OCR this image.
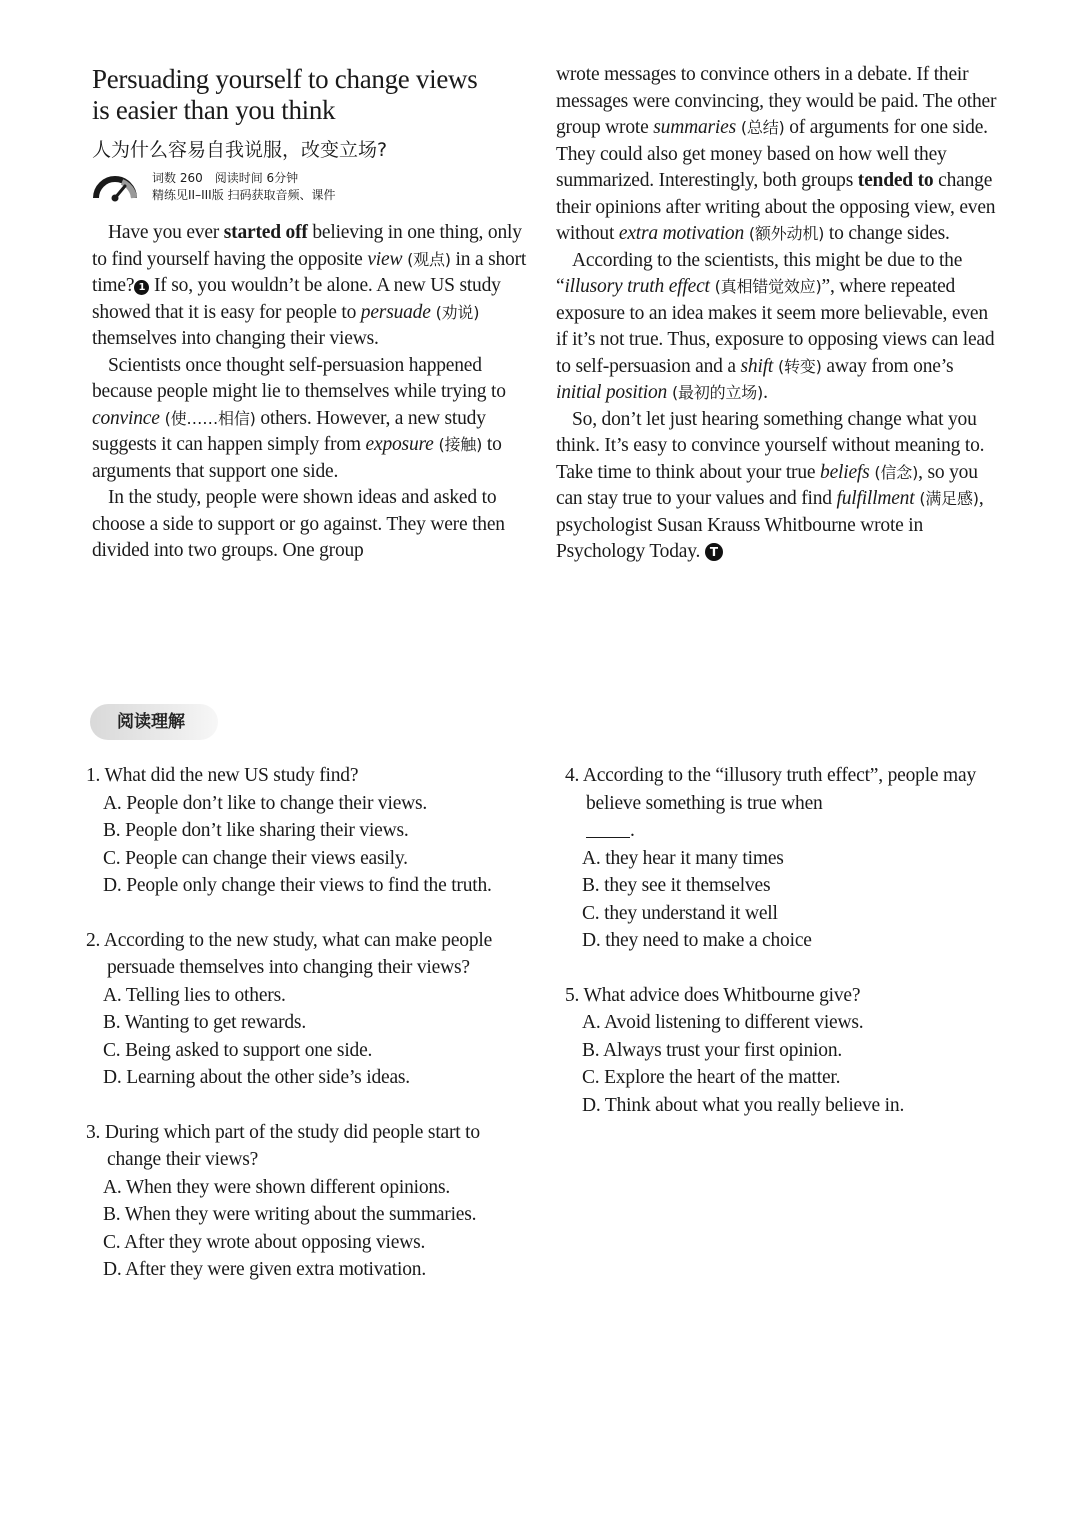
Persuading yourself to change views
is easier than you think
人为什么容易自我说服，改变立场?
词数 260　阅读时间 6分钟
精练见II–III版 扫码获取音频、课件

Have you ever started off believing in one thing, only to find yourself having the opposite view (观点) in a short time? 1 If so, you wouldn’t be alone. A new US study showed that it is easy for people to persuade (劝说) themselves into changing their views.

Scientists once thought self-persuasion happened because people might lie to themselves while trying to convince (使……相信) others. However, a new study suggests it can happen simply from exposure (接触) to arguments that support one side.

In the study, people were shown ideas and asked to choose a side to support or go against. They were then divided into two groups. One group

wrote messages to convince others in a debate. If their messages were convincing, they would be paid. The other group wrote summaries (总结) of arguments for one side. They could also get money based on how well they summarized. Interestingly, both groups tended to change their opinions after writing about the opposing view, even without extra motivation (额外动机) to change sides.

According to the scientists, this might be due to the “illusory truth effect (真相错觉效应)”, where repeated exposure to an idea makes it seem more believable, even if it’s not true. Thus, exposure to opposing views can lead to self-persuasion and a shift (转变) away from one’s initial position (最初的立场).

So, don’t let just hearing something change what you think. It’s easy to convince yourself without meaning to. Take time to think about your true beliefs (信念), so you can stay true to your values and find fulfillment (满足感), psychologist Susan Krauss Whitbourne wrote in Psychology Today. T

阅读理解
1. What did the new US study find?
A. People don’t like to change their views.
B. People don’t like sharing their views.
C. People can change their views easily.
D. People only change their views to find the truth.
2. According to the new study, what can make people persuade themselves into changing their views?
A. Telling lies to others.
B. Wanting to get rewards.
C. Being asked to support one side.
D. Learning about the other side’s ideas.
3. During which part of the study did people start to change their views?
A. When they were shown different opinions.
B. When they were writing about the summaries.
C. After they wrote about opposing views.
D. After they were given extra motivation.
4. According to the “illusory truth effect”, people may believe something is true when
.
A. they hear it many times
B. they see it themselves
C. they understand it well
D. they need to make a choice
5. What advice does Whitbourne give?
A. Avoid listening to different views.
B. Always trust your first opinion.
C. Explore the heart of the matter.
D. Think about what you really believe in.
